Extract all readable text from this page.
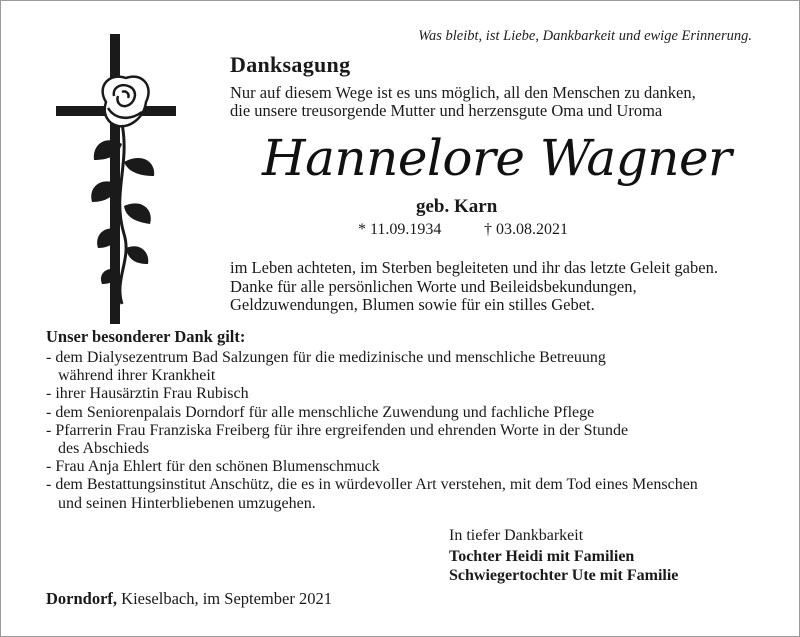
Was bleibt, ist Liebe, Dankbarkeit und ewige Erinnerung.
Danksagung
Nur auf diesem Wege ist es uns möglich, all den Menschen zu danken,
die unsere treusorgende Mutter und herzensgute Oma und Uroma
Hannelore Wagner
geb. Karn
* 11.09.1934	† 03.08.2021
im Leben achteten, im Sterben begleiteten und ihr das letzte Geleit gaben.
Danke für alle persönlichen Worte und Beileidsbekundungen,
Geldzuwendungen, Blumen sowie für ein stilles Gebet.
Unser besonderer Dank gilt:
- dem Dialysezentrum Bad Salzungen für die medizinische und menschliche Betreuung
während ihrer Krankheit
- ihrer Hausärztin Frau Rubisch
- dem Seniorenpalais Dorndorf für alle menschliche Zuwendung und fachliche Pflege
- Pfarrerin Frau Franziska Freiberg für ihre ergreifenden und ehrenden Worte in der Stunde
des Abschieds
- Frau Anja Ehlert für den schönen Blumenschmuck
- dem Bestattungsinstitut Anschütz, die es in würdevoller Art verstehen, mit dem Tod eines Menschen
und seinen Hinterbliebenen umzugehen.
In tiefer Dankbarkeit
Tochter Heidi mit Familien
Schwiegertochter Ute mit Familie
Dorndorf, Kieselbach, im September 2021
